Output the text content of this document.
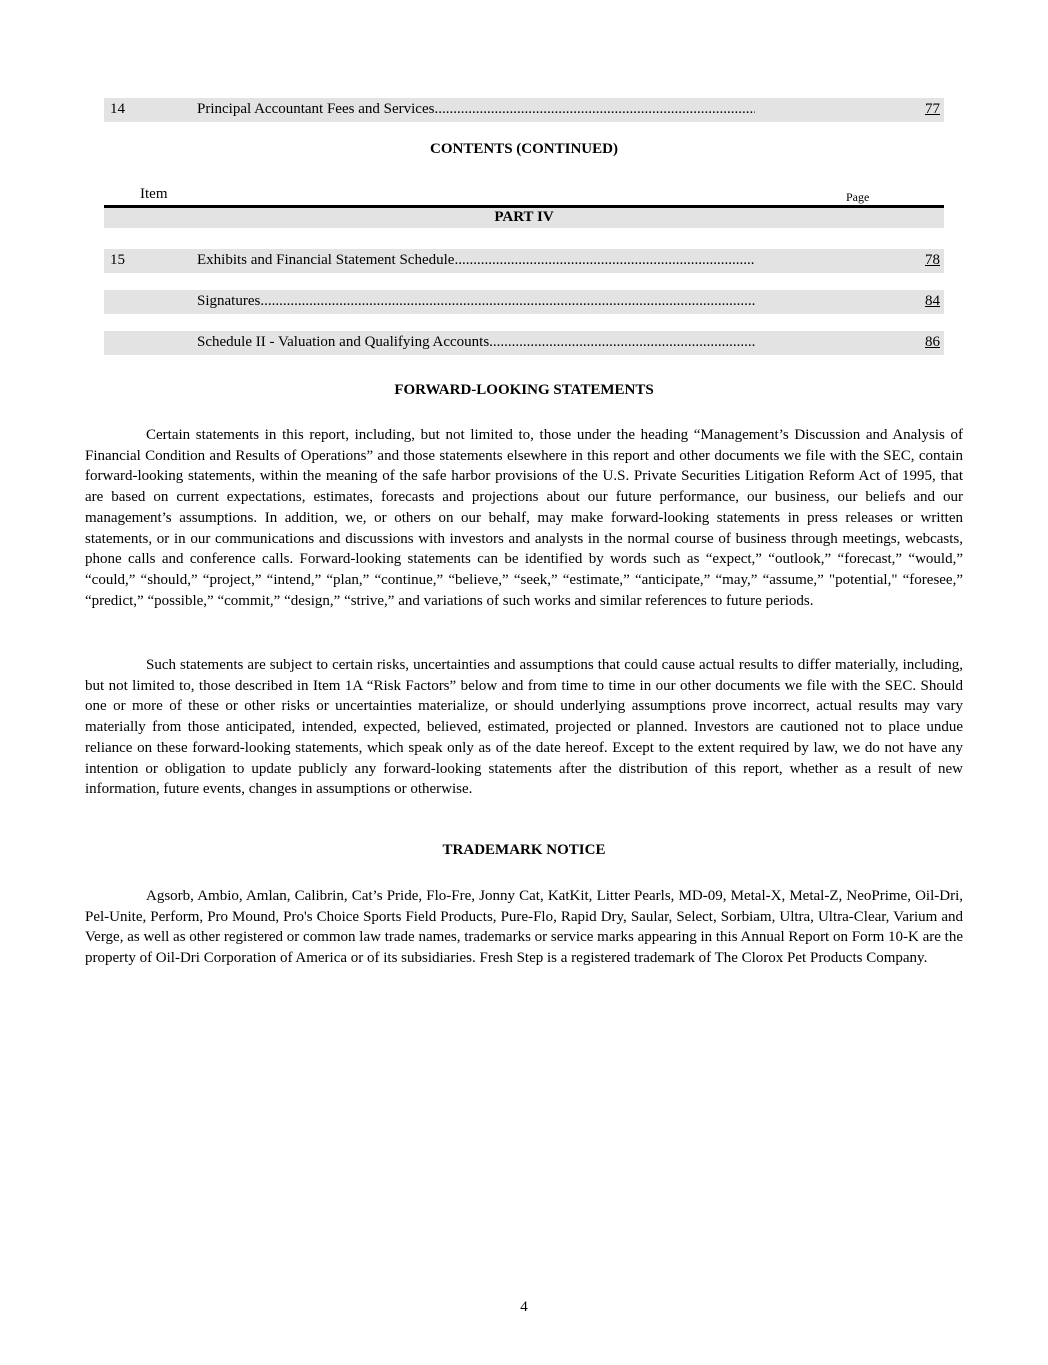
14	Principal Accountant Fees and Services .....	77
CONTENTS (CONTINUED)
Item	Page
PART IV
15	Exhibits and Financial Statement Schedule .....	78
Signatures .....	84
Schedule II - Valuation and Qualifying Accounts .....	86
FORWARD-LOOKING STATEMENTS

Certain statements in this report, including, but not limited to, those under the heading “Management’s Discussion and Analysis of Financial Condition and Results of Operations” and those statements elsewhere in this report and other documents we file with the SEC, contain forward-looking statements, within the meaning of the safe harbor provisions of the U.S. Private Securities Litigation Reform Act of 1995, that are based on current expectations, estimates, forecasts and projections about our future performance, our business, our beliefs and our management’s assumptions. In addition, we, or others on our behalf, may make forward-looking statements in press releases or written statements, or in our communications and discussions with investors and analysts in the normal course of business through meetings, webcasts, phone calls and conference calls. Forward-looking statements can be identified by words such as “expect,” “outlook,” “forecast,” “would,” “could,” “should,” “project,” “intend,” “plan,” “continue,” “believe,” “seek,” “estimate,” “anticipate,” “may,” “assume,” "potential," “foresee,” “predict,” “possible,” “commit,” “design,” “strive,” and variations of such works and similar references to future periods.

Such statements are subject to certain risks, uncertainties and assumptions that could cause actual results to differ materially, including, but not limited to, those described in Item 1A “Risk Factors” below and from time to time in our other documents we file with the SEC. Should one or more of these or other risks or uncertainties materialize, or should underlying assumptions prove incorrect, actual results may vary materially from those anticipated, intended, expected, believed, estimated, projected or planned. Investors are cautioned not to place undue reliance on these forward-looking statements, which speak only as of the date hereof. Except to the extent required by law, we do not have any intention or obligation to update publicly any forward-looking statements after the distribution of this report, whether as a result of new information, future events, changes in assumptions or otherwise.

TRADEMARK NOTICE

Agsorb, Ambio, Amlan, Calibrin, Cat’s Pride, Flo-Fre, Jonny Cat, KatKit, Litter Pearls, MD-09, Metal-X, Metal-Z, NeoPrime, Oil-Dri, Pel-Unite, Perform, Pro Mound, Pro's Choice Sports Field Products, Pure-Flo, Rapid Dry, Saular, Select, Sorbiam, Ultra, Ultra-Clear, Varium and Verge, as well as other registered or common law trade names, trademarks or service marks appearing in this Annual Report on Form 10-K are the property of Oil-Dri Corporation of America or of its subsidiaries. Fresh Step is a registered trademark of The Clorox Pet Products Company.

4
